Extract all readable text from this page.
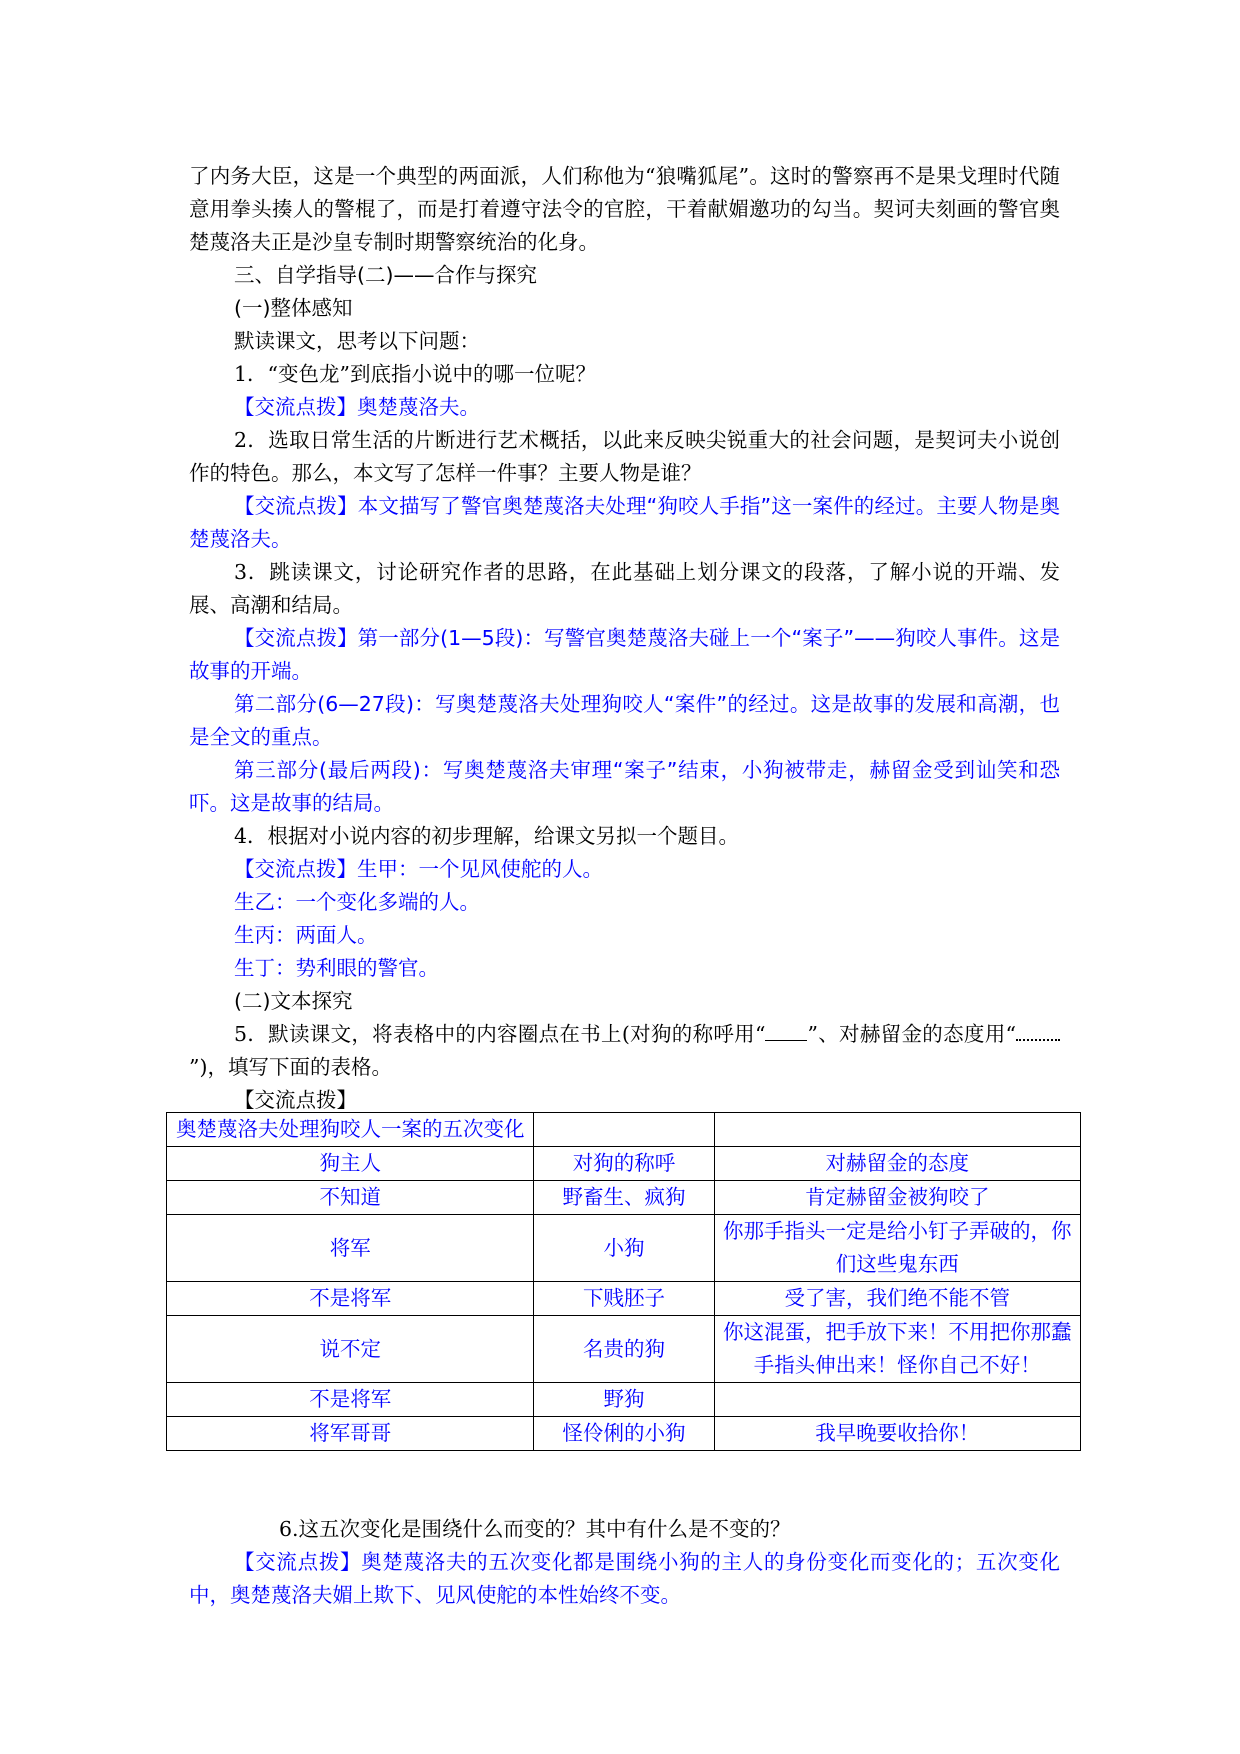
了内务大臣，这是一个典型的两面派，人们称他为“狼嘴狐尾”。这时的警察再不是果戈理时代随意用拳头揍人的警棍了，而是打着遵守法令的官腔，干着献媚邀功的勾当。契诃夫刻画的警官奥楚蔑洛夫正是沙皇专制时期警察统治的化身。

三、自学指导(二)——合作与探究

(一)整体感知

默读课文，思考以下问题：

1．“变色龙”到底指小说中的哪一位呢？

【交流点拨】奥楚蔑洛夫。

2．选取日常生活的片断进行艺术概括，以此来反映尖锐重大的社会问题，是契诃夫小说创作的特色。那么，本文写了怎样一件事？主要人物是谁？

【交流点拨】本文描写了警官奥楚蔑洛夫处理“狗咬人手指”这一案件的经过。主要人物是奥楚蔑洛夫。

3．跳读课文，讨论研究作者的思路，在此基础上划分课文的段落，了解小说的开端、发展、高潮和结局。

【交流点拨】第一部分(1—5段)：写警官奥楚蔑洛夫碰上一个“案子”——狗咬人事件。这是故事的开端。

第二部分(6—27段)：写奥楚蔑洛夫处理狗咬人“案件”的经过。这是故事的发展和高潮，也是全文的重点。

第三部分(最后两段)：写奥楚蔑洛夫审理“案子”结束，小狗被带走，赫留金受到讪笑和恐吓。这是故事的结局。

4．根据对小说内容的初步理解，给课文另拟一个题目。

【交流点拨】生甲：一个见风使舵的人。

生乙：一个变化多端的人。

生丙：两面人。

生丁：势利眼的警官。

(二)文本探究

5．默读课文，将表格中的内容圈点在书上(对狗的称呼用“ ”、对赫留金的态度用“”)，填写下面的表格。

【交流点拨】

奥楚蔑洛夫处理狗咬人一案的五次变化		
狗主人	对狗的称呼	对赫留金的态度
不知道	野畜生、疯狗	肯定赫留金被狗咬了
将军	小狗	你那手指头一定是给小钉子弄破的，你们这些鬼东西
不是将军	下贱胚子	受了害，我们绝不能不管
说不定	名贵的狗	你这混蛋，把手放下来！不用把你那蠢手指头伸出来！怪你自己不好！
不是将军	野狗	
将军哥哥	怪伶俐的小狗	我早晚要收拾你！

6.这五次变化是围绕什么而变的？其中有什么是不变的？

【交流点拨】奥楚蔑洛夫的五次变化都是围绕小狗的主人的身份变化而变化的；五次变化中，奥楚蔑洛夫媚上欺下、见风使舵的本性始终不变。
